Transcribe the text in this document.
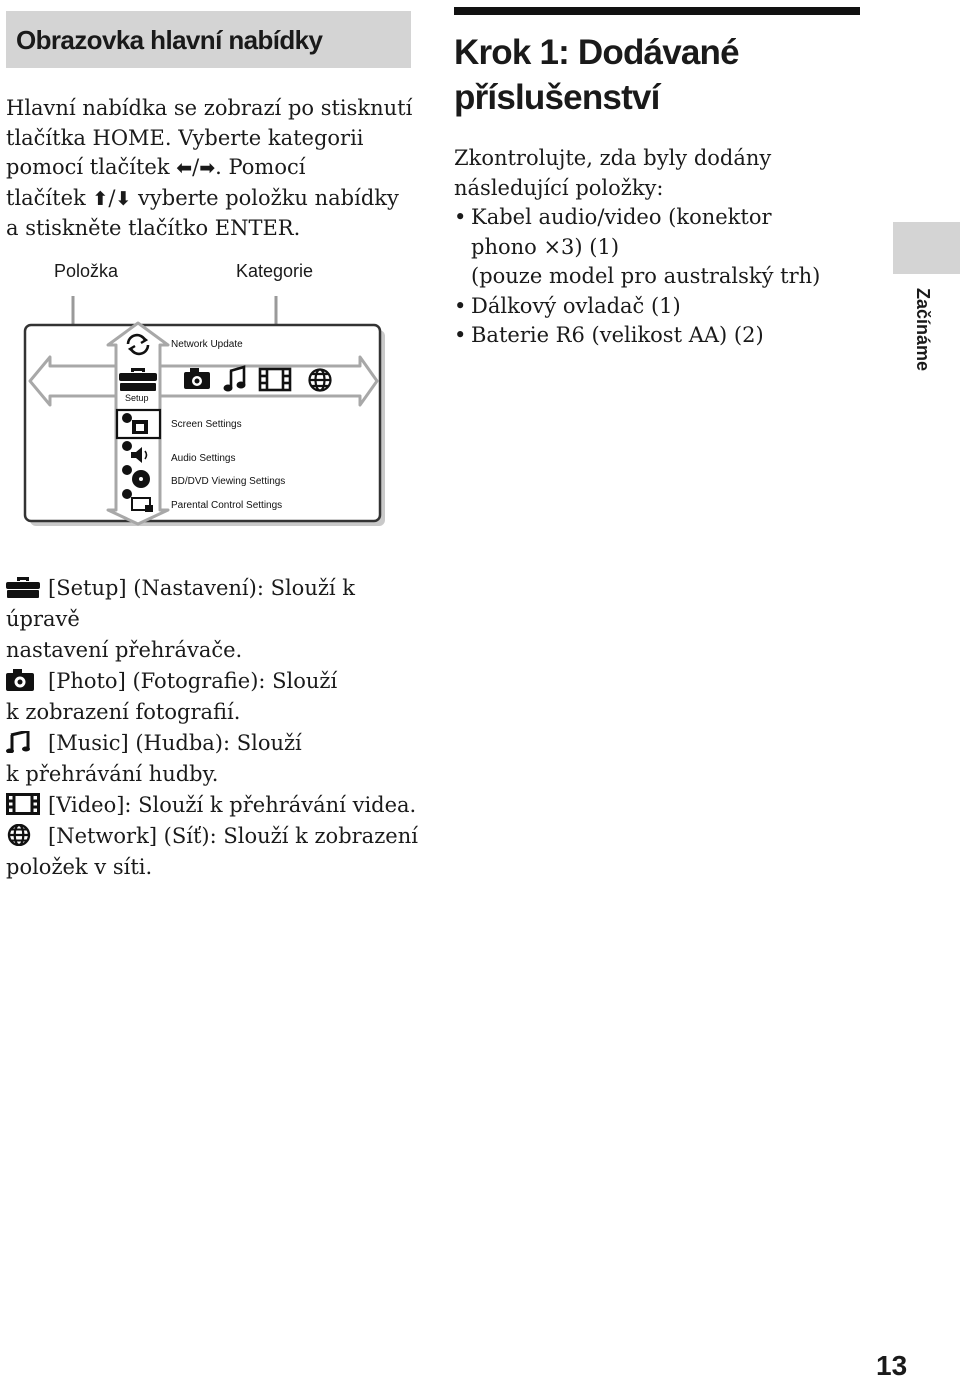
Obrazovka hlavní nabídky
Hlavní nabídka se zobrazí po stisknutí
tlačítka HOME. Vyberte kategorii
pomocí tlačítek ⬅/➡. Pomocí
tlačítek ⬆/⬇ vyberte položku nabídky
a stiskněte tlačítko ENTER.
Položka	Kategorie
Network Update
Setup
Screen Settings
Audio Settings
BD/DVD Viewing Settings
Parental Control Settings
[Setup] (Nastavení): Slouží k úpravě
nastavení přehrávače.
[Photo] (Fotografie): Slouží
k zobrazení fotografií.
[Music] (Hudba): Slouží
k přehrávání hudby.
[Video]: Slouží k přehrávání videa.
[Network] (Síť): Slouží k zobrazení
položek v síti.
Krok 1: Dodávané
příslušenství
Zkontrolujte, zda byly dodány
následující položky:
• Kabel audio/video (konektor
phono ×3) (1)
(pouze model pro australský trh)
• Dálkový ovladač (1)
• Baterie R6 (velikost AA) (2)	Začínáme
13
